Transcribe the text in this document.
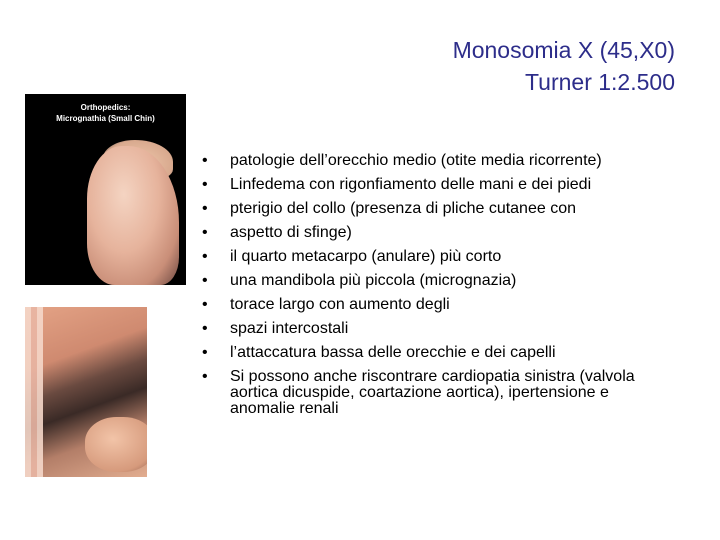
Monosomia X (45,X0)
Turner 1:2.500
Orthopedics:
Micrognathia (Small Chin)
• patologie dell’orecchio medio (otite media ricorrente)
• Linfedema con rigonfiamento delle mani e dei piedi
• pterigio del collo (presenza di pliche cutanee con
• aspetto di sfinge)
• il quarto metacarpo (anulare) più corto
• una mandibola più piccola (micrognazia)
• torace largo con aumento degli
• spazi intercostali
• l’attaccatura bassa delle orecchie e dei capelli
• Si possono anche riscontrare cardiopatia sinistra (valvola aortica dicuspide, coartazione aortica), ipertensione e anomalie renali
